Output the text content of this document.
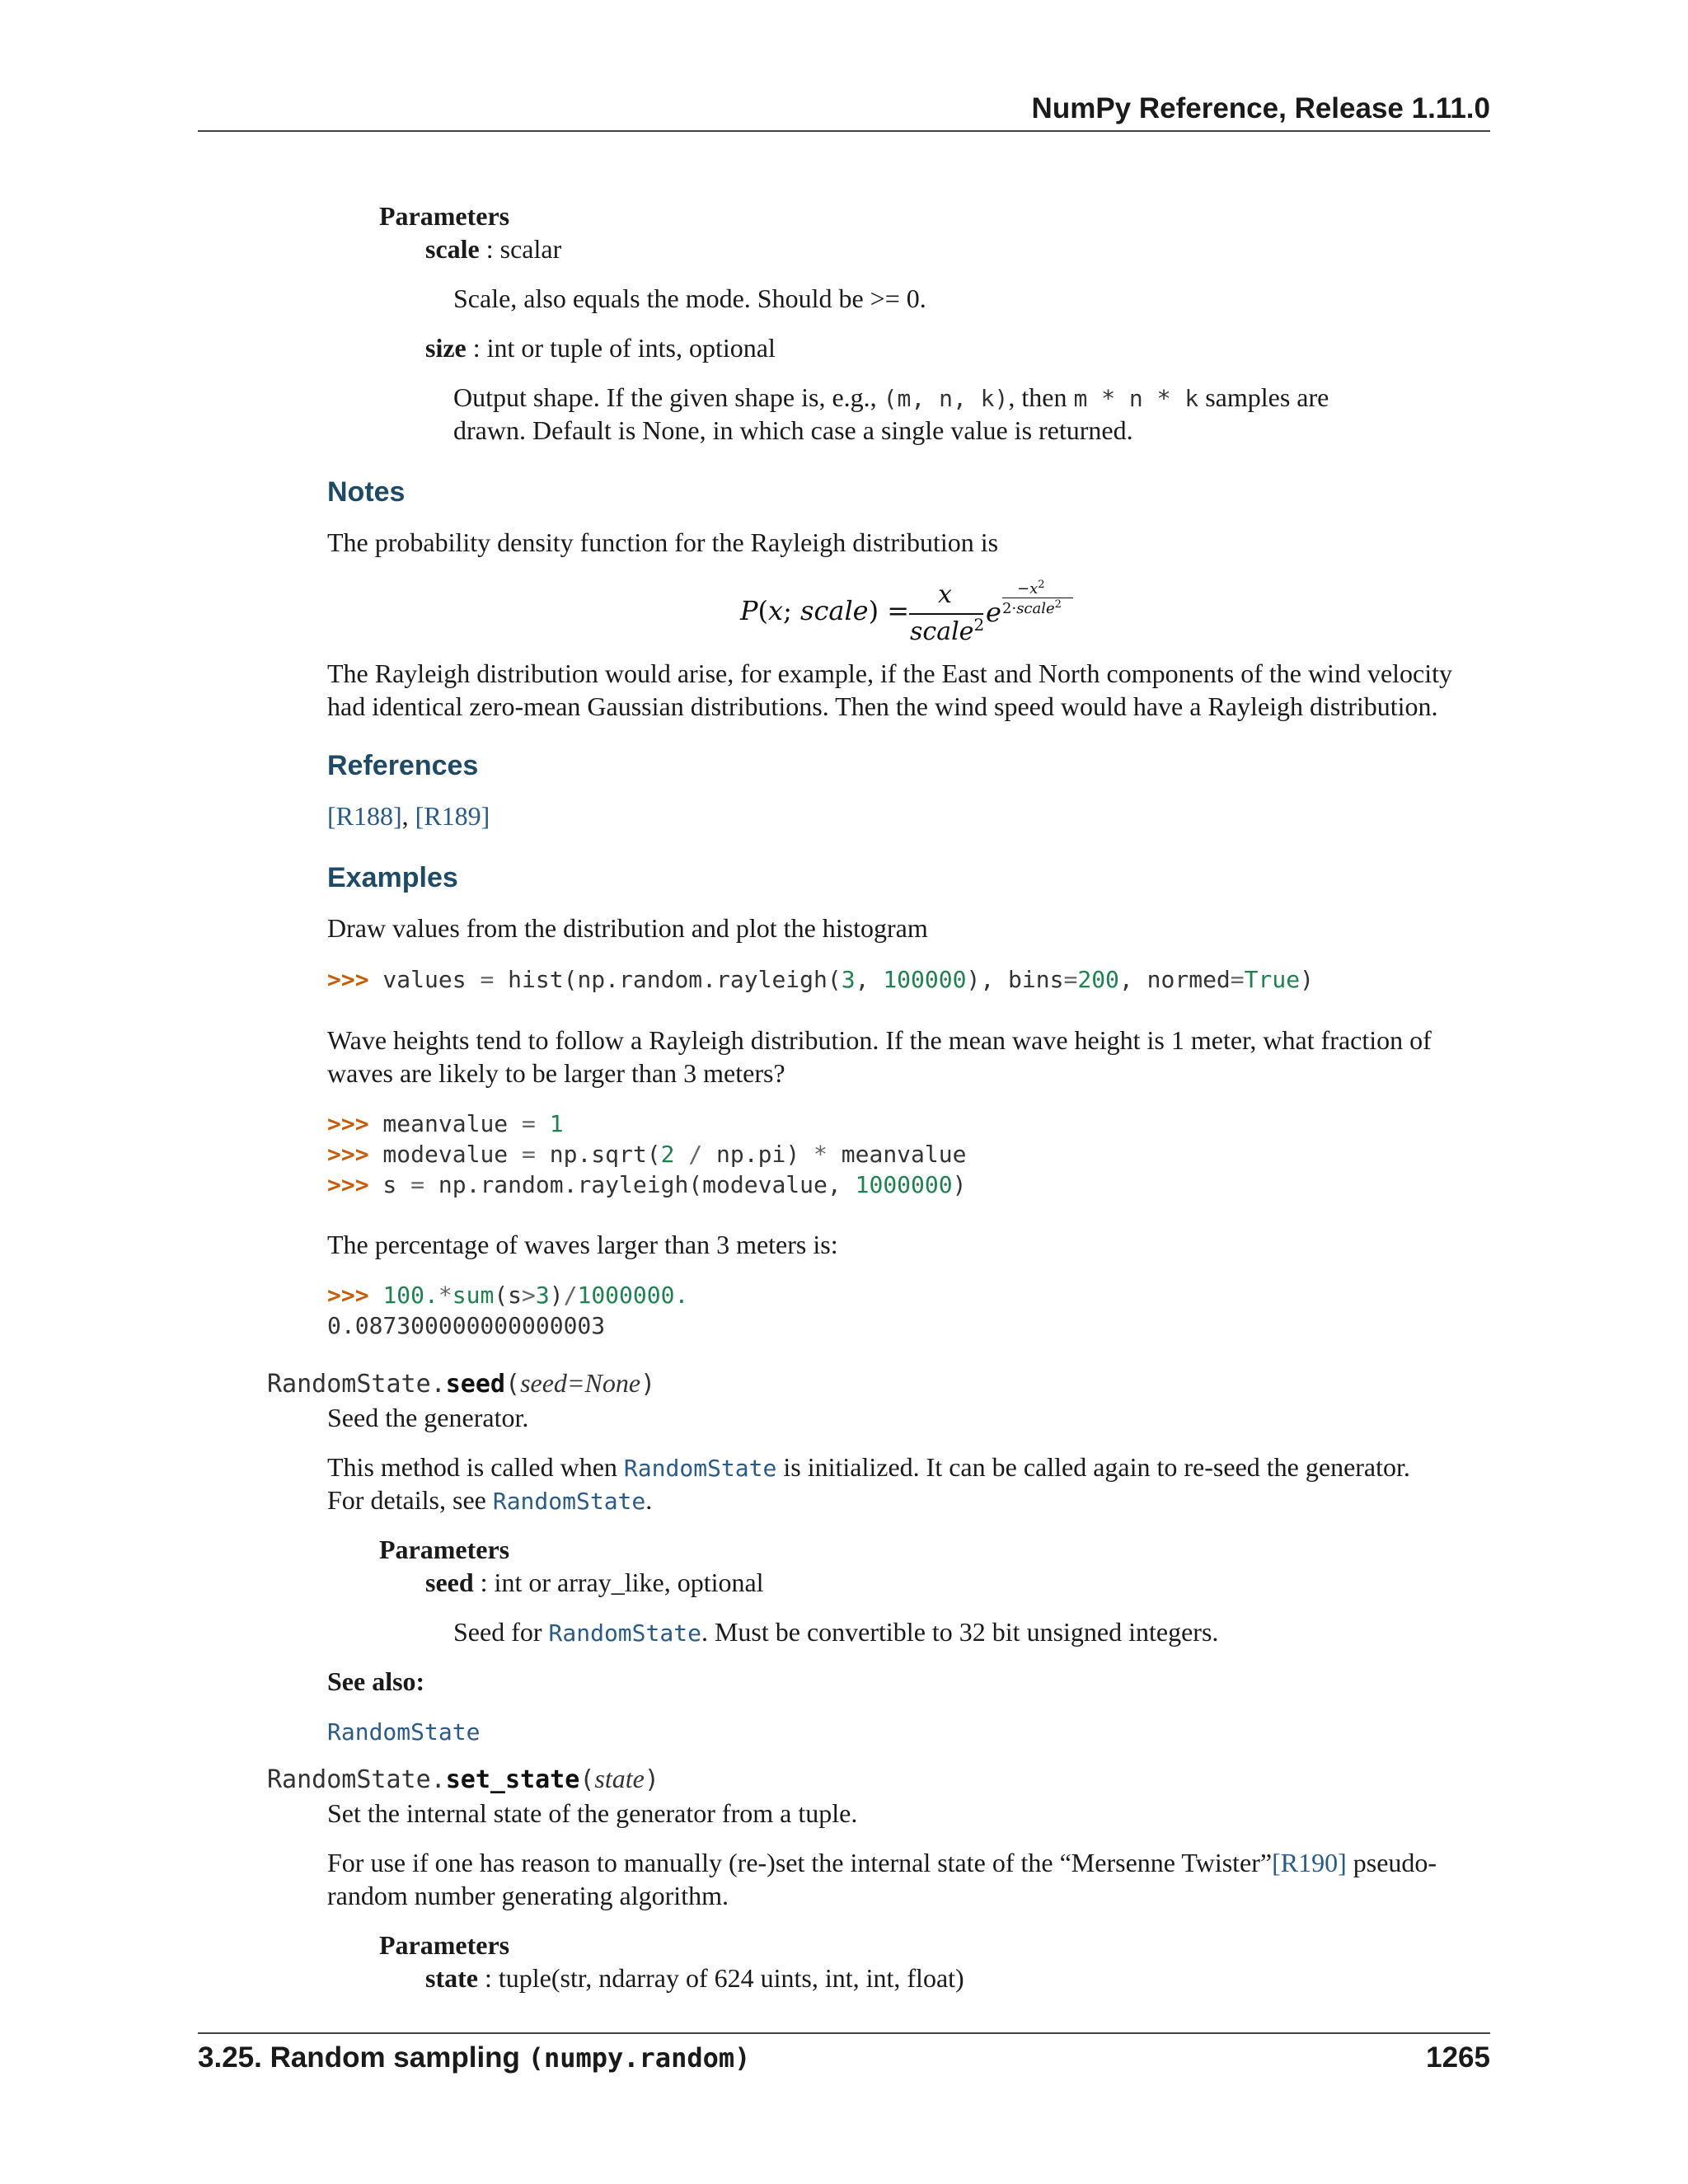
NumPy Reference, Release 1.11.0
Parameters
scale : scalar
Scale, also equals the mode. Should be >= 0.
size : int or tuple of ints, optional
Output shape. If the given shape is, e.g., (m, n, k), then m * n * k samples are
drawn. Default is None, in which case a single value is returned.
Notes
The probability density function for the Rayleigh distribution is
P(x; scale) =
x
scale$^2$ e
$-x^2$
2·scale$^2$
The Rayleigh distribution would arise, for example, if the East and North components of the wind velocity
had identical zero-mean Gaussian distributions. Then the wind speed would have a Rayleigh distribution.
References
[R188], [R189]
Examples
Draw values from the distribution and plot the histogram
>>> values = hist(np.random.rayleigh(3, 100000), bins=200, normed=True)
Wave heights tend to follow a Rayleigh distribution. If the mean wave height is 1 meter, what fraction of
waves are likely to be larger than 3 meters?
>>> meanvalue = 1
>>> modevalue = np.sqrt(2 / np.pi) * meanvalue
>>> s = np.random.rayleigh(modevalue, 1000000)
The percentage of waves larger than 3 meters is:
>>> 100.*sum(s>3)/1000000.
0.087300000000000003
RandomState.seed(seed=None)
Seed the generator.
This method is called when RandomState is initialized. It can be called again to re-seed the generator.
For details, see RandomState.
Parameters
seed : int or array_like, optional
Seed for RandomState. Must be convertible to 32 bit unsigned integers.
See also:
RandomState
RandomState.set_state(state)
Set the internal state of the generator from a tuple.
For use if one has reason to manually (re-)set the internal state of the “Mersenne Twister”[R190] pseudo-
random number generating algorithm.
Parameters
state : tuple(str, ndarray of 624 uints, int, int, float)
3.25. Random sampling (numpy.random)	1265
